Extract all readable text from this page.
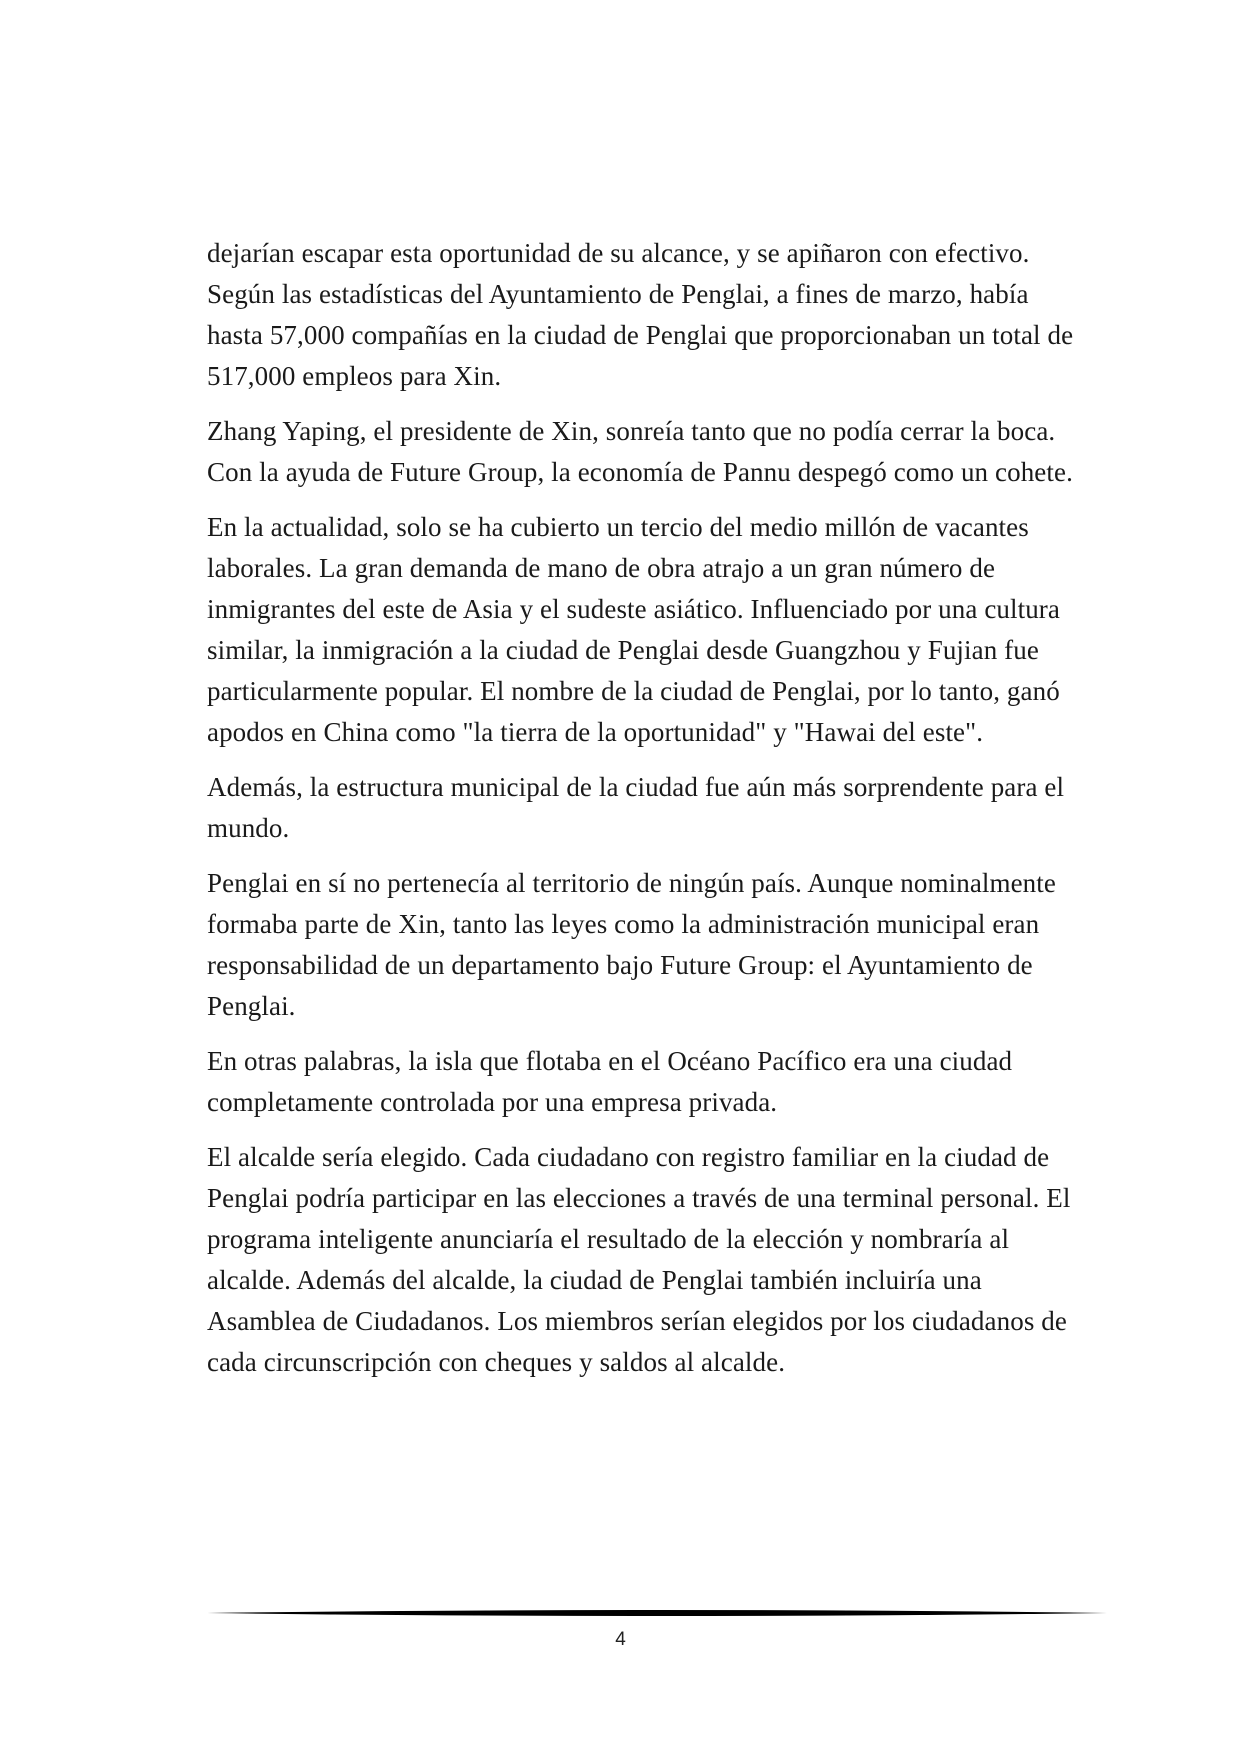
dejarían escapar esta oportunidad de su alcance, y se apiñaron con efectivo. Según las estadísticas del Ayuntamiento de Penglai, a fines de marzo, había hasta 57,000 compañías en la ciudad de Penglai que proporcionaban un total de 517,000 empleos para Xin.

Zhang Yaping, el presidente de Xin, sonreía tanto que no podía cerrar la boca. Con la ayuda de Future Group, la economía de Pannu despegó como un cohete.

En la actualidad, solo se ha cubierto un tercio del medio millón de vacantes laborales. La gran demanda de mano de obra atrajo a un gran número de inmigrantes del este de Asia y el sudeste asiático. Influenciado por una cultura similar, la inmigración a la ciudad de Penglai desde Guangzhou y Fujian fue particularmente popular. El nombre de la ciudad de Penglai, por lo tanto, ganó apodos en China como "la tierra de la oportunidad" y "Hawai del este".

Además, la estructura municipal de la ciudad fue aún más sorprendente para el mundo.

Penglai en sí no pertenecía al territorio de ningún país. Aunque nominalmente formaba parte de Xin, tanto las leyes como la administración municipal eran responsabilidad de un departamento bajo Future Group: el Ayuntamiento de Penglai.

En otras palabras, la isla que flotaba en el Océano Pacífico era una ciudad completamente controlada por una empresa privada.

El alcalde sería elegido. Cada ciudadano con registro familiar en la ciudad de Penglai podría participar en las elecciones a través de una terminal personal. El programa inteligente anunciaría el resultado de la elección y nombraría al alcalde. Además del alcalde, la ciudad de Penglai también incluiría una Asamblea de Ciudadanos. Los miembros serían elegidos por los ciudadanos de cada circunscripción con cheques y saldos al alcalde.

4
